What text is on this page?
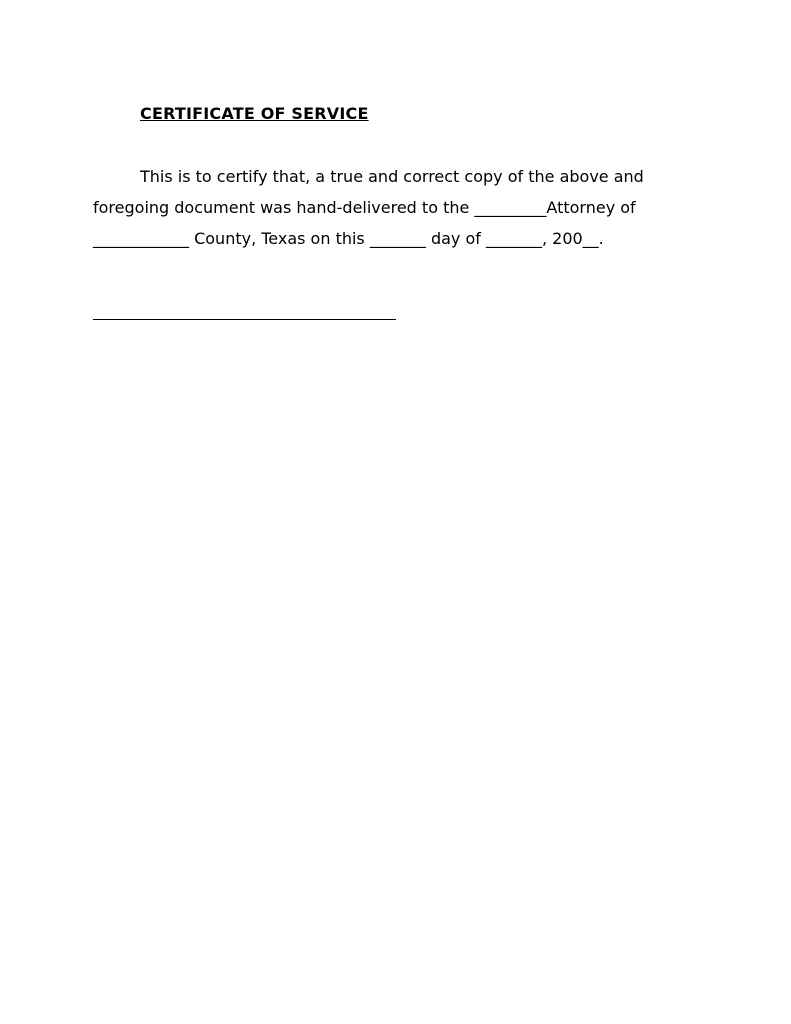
CERTIFICATE OF SERVICE
This is to certify that, a true and correct copy of the above and
foregoing document was hand-delivered to the _________Attorney of
____________ County, Texas on this _______ day of _______, 200__.
